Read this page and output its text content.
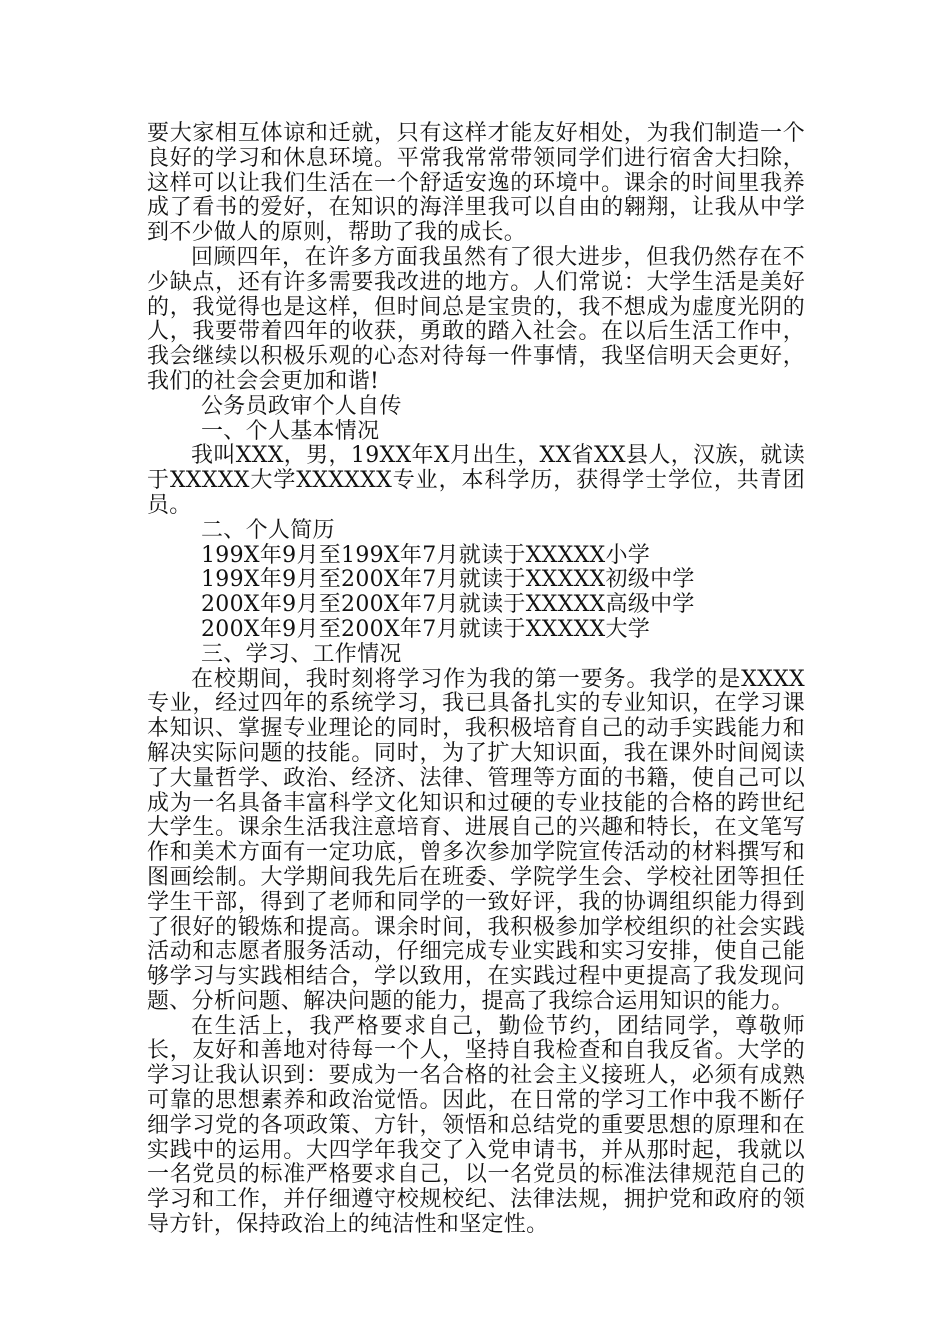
要大家相互体谅和迁就，只有这样才能友好相处，为我们制造一个良好的学习和休息环境。平常我常常带领同学们进行宿舍大扫除，这样可以让我们生活在一个舒适安逸的环境中。课余的时间里我养成了看书的爱好，在知识的海洋里我可以自由的翱翔，让我从中学到不少做人的原则，帮助了我的成长。

回顾四年，在许多方面我虽然有了很大进步，但我仍然存在不少缺点，还有许多需要我改进的地方。人们常说：大学生活是美好的，我觉得也是这样，但时间总是宝贵的，我不想成为虚度光阴的人，我要带着四年的收获，勇敢的踏入社会。在以后生活工作中，我会继续以积极乐观的心态对待每一件事情，我坚信明天会更好，我们的社会会更加和谐!

公务员政审个人自传

一、个人基本情况

我叫XXX，男，19XX年X月出生，XX省XX县人，汉族，就读于XXXXX大学XXXXXX专业，本科学历，获得学士学位，共青团员。

二、个人简历

199X年9月至199X年7月就读于XXXXX小学

199X年9月至200X年7月就读于XXXXX初级中学

200X年9月至200X年7月就读于XXXXX高级中学

200X年9月至200X年7月就读于XXXXX大学

三、学习、工作情况

在校期间，我时刻将学习作为我的第一要务。我学的是XXXX专业，经过四年的系统学习，我已具备扎实的专业知识，在学习课本知识、掌握专业理论的同时，我积极培育自己的动手实践能力和解决实际问题的技能。同时，为了扩大知识面，我在课外时间阅读了大量哲学、政治、经济、法律、管理等方面的书籍，使自己可以成为一名具备丰富科学文化知识和过硬的专业技能的合格的跨世纪大学生。课余生活我注意培育、进展自己的兴趣和特长，在文笔写作和美术方面有一定功底，曾多次参加学院宣传活动的材料撰写和图画绘制。大学期间我先后在班委、学院学生会、学校社团等担任学生干部，得到了老师和同学的一致好评，我的协调组织能力得到了很好的锻炼和提高。课余时间，我积极参加学校组织的社会实践活动和志愿者服务活动，仔细完成专业实践和实习安排，使自己能够学习与实践相结合，学以致用，在实践过程中更提高了我发现问题、分析问题、解决问题的能力，提高了我综合运用知识的能力。

在生活上，我严格要求自己，勤俭节约，团结同学，尊敬师长，友好和善地对待每一个人，坚持自我检查和自我反省。大学的学习让我认识到：要成为一名合格的社会主义接班人，必须有成熟可靠的思想素养和政治觉悟。因此，在日常的学习工作中我不断仔细学习党的各项政策、方针，领悟和总结党的重要思想的原理和在实践中的运用。大四学年我交了入党申请书，并从那时起，我就以一名党员的标准严格要求自己，以一名党员的标准法律规范自己的学习和工作，并仔细遵守校规校纪、法律法规，拥护党和政府的领导方针，保持政治上的纯洁性和坚定性。
